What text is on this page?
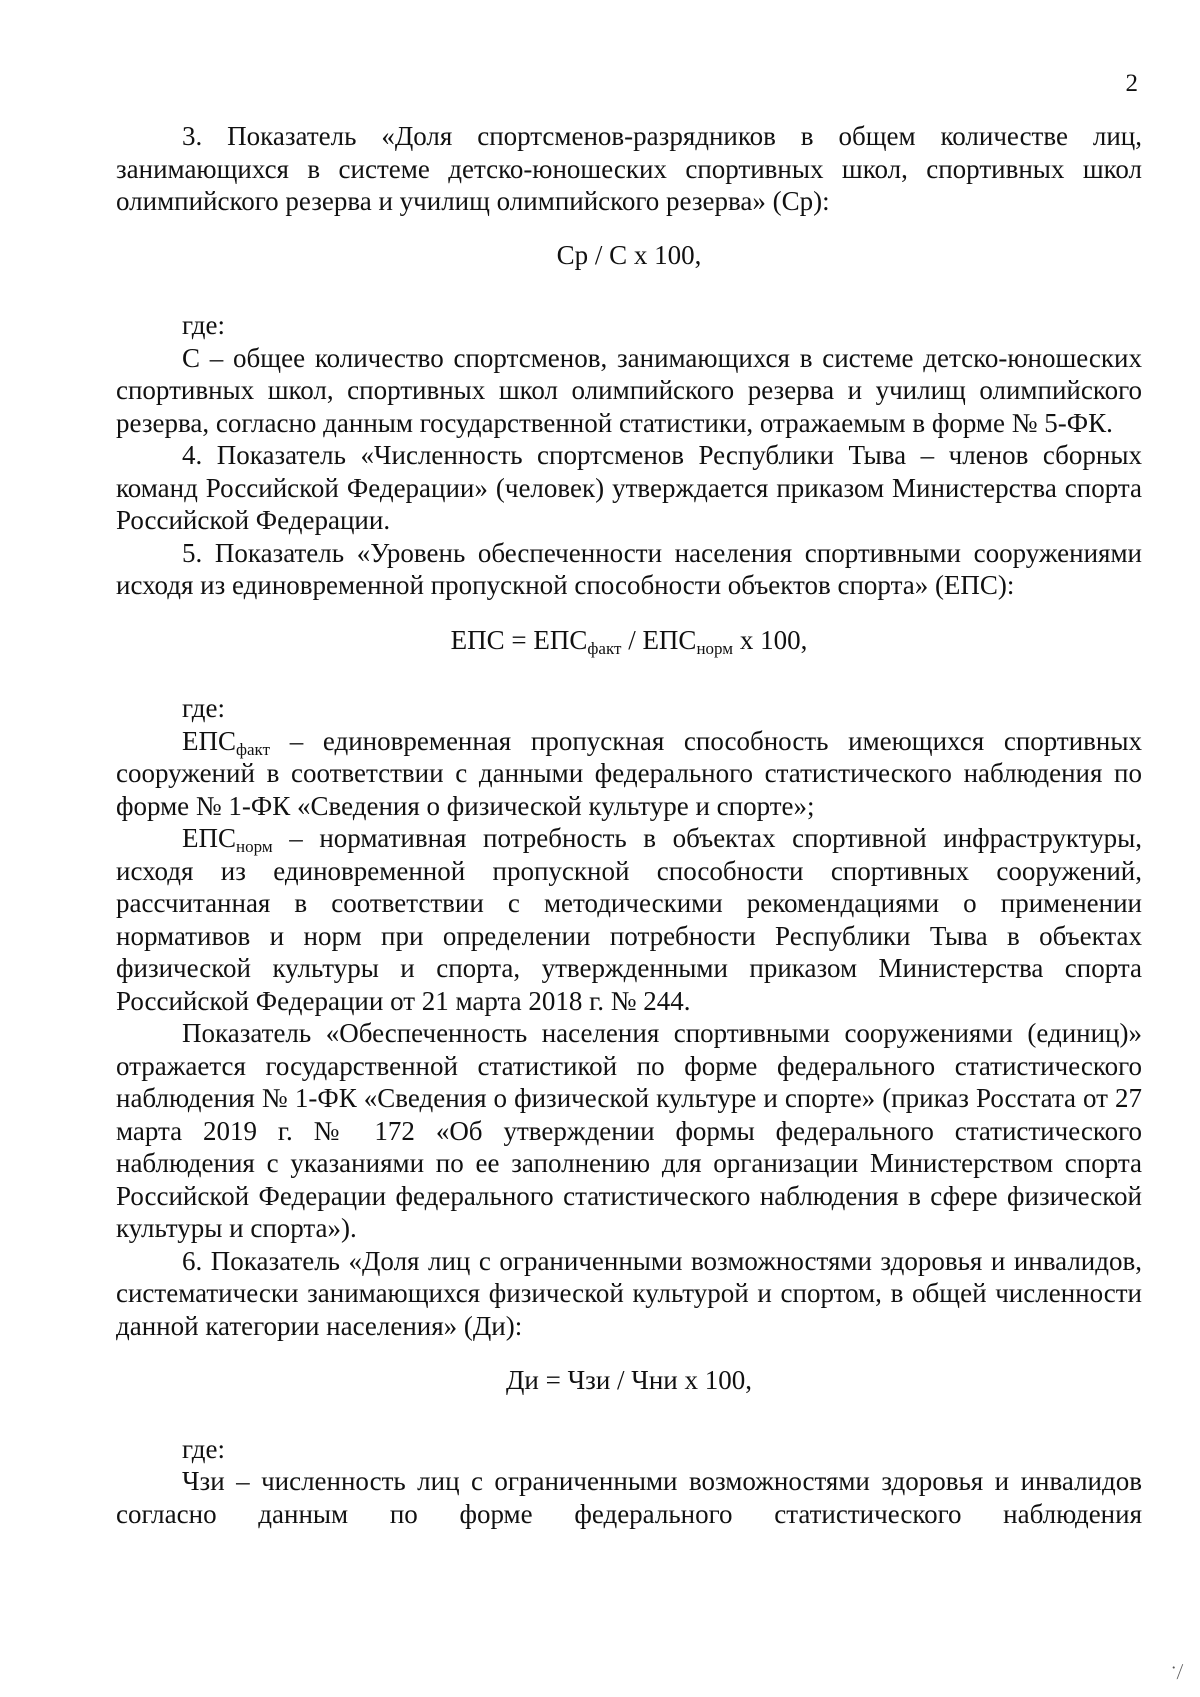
2

3. Показатель «Доля спортсменов-разрядников в общем количестве лиц, занимающихся в системе детско-юношеских спортивных школ, спортивных школ олимпийского резерва и училищ олимпийского резерва» (Ср):

Ср / С х 100,

где:

С – общее количество спортсменов, занимающихся в системе детско-юношеских спортивных школ, спортивных школ олимпийского резерва и училищ олимпийского резерва, согласно данным государственной статистики, отражаемым в форме № 5-ФК.

4. Показатель «Численность спортсменов Республики Тыва – членов сборных команд Российской Федерации» (человек) утверждается приказом Министерства спорта Российской Федерации.

5. Показатель «Уровень обеспеченности населения спортивными сооружениями исходя из единовременной пропускной способности объектов спорта» (ЕПС):

ЕПС = $ЕПС_{факт} / ЕПС_{норм}$ х 100,

где:

$ЕПС_{факт}$ – единовременная пропускная способность имеющихся спортивных сооружений в соответствии с данными федерального статистического наблюдения по форме № 1-ФК «Сведения о физической культуре и спорте»;

$ЕПС_{норм}$ – нормативная потребность в объектах спортивной инфраструктуры, исходя из единовременной пропускной способности спортивных сооружений, рассчитанная в соответствии с методическими рекомендациями о применении нормативов и норм при определении потребности Республики Тыва в объектах физической культуры и спорта, утвержденными приказом Министерства спорта Российской Федерации от 21 марта 2018 г. № 244.

Показатель «Обеспеченность населения спортивными сооружениями (единиц)» отражается государственной статистикой по форме федерального статистического наблюдения № 1-ФК «Сведения о физической культуре и спорте» (приказ Росстата от 27 марта 2019 г. № 172 «Об утверждении формы федерального статистического наблюдения с указаниями по ее заполнению для организации Министерством спорта Российской Федерации федерального статистического наблюдения в сфере физической культуры и спорта»).

6. Показатель «Доля лиц с ограниченными возможностями здоровья и инвалидов, систематически занимающихся физической культурой и спортом, в общей численности данной категории населения» (Ди):

Ди = Чзи / Чни х 100,

где:

Чзи – численность лиц с ограниченными возможностями здоровья и инвалидов согласно данным по форме федерального статистического наблюдения

˙⁄
